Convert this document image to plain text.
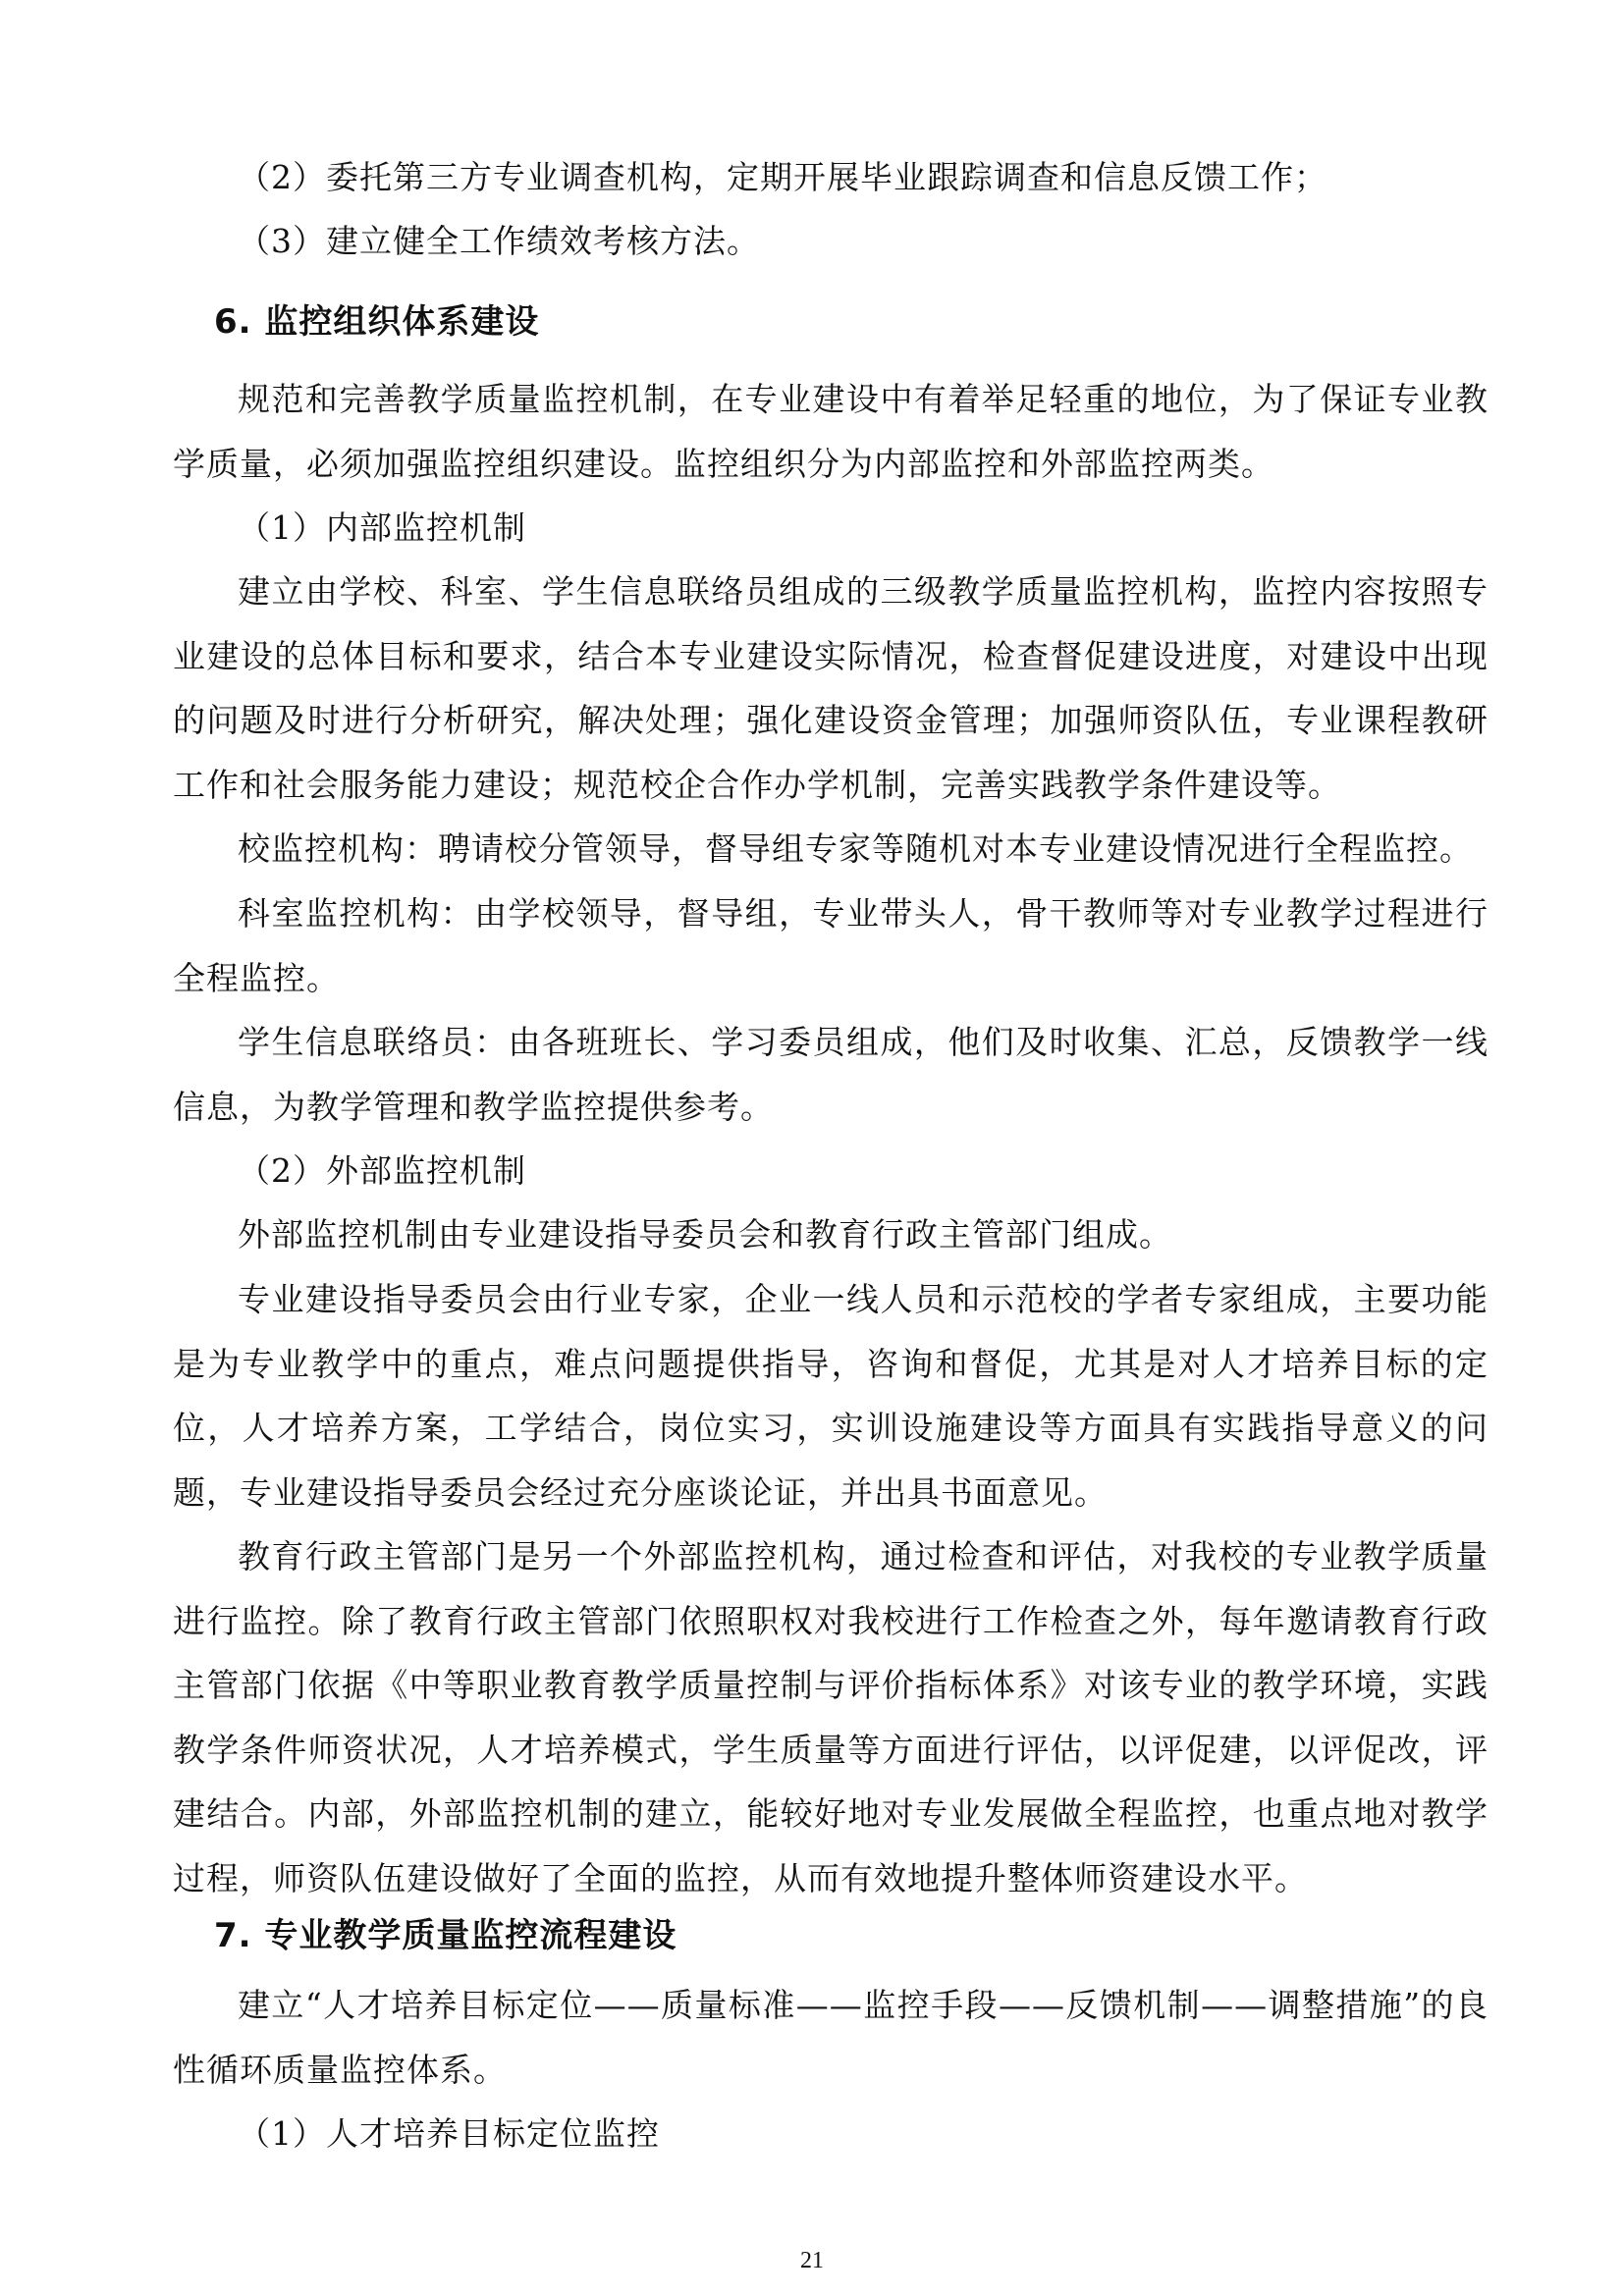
（2）委托第三方专业调查机构，定期开展毕业跟踪调查和信息反馈工作；

（3）建立健全工作绩效考核方法。

6. 监控组织体系建设

规范和完善教学质量监控机制，在专业建设中有着举足轻重的地位，为了保证专业教学质量，必须加强监控组织建设。监控组织分为内部监控和外部监控两类。

（1）内部监控机制

建立由学校、科室、学生信息联络员组成的三级教学质量监控机构，监控内容按照专业建设的总体目标和要求，结合本专业建设实际情况，检查督促建设进度，对建设中出现的问题及时进行分析研究，解决处理；强化建设资金管理；加强师资队伍，专业课程教研工作和社会服务能力建设；规范校企合作办学机制，完善实践教学条件建设等。

校监控机构：聘请校分管领导，督导组专家等随机对本专业建设情况进行全程监控。

科室监控机构：由学校领导，督导组，专业带头人，骨干教师等对专业教学过程进行全程监控。

学生信息联络员：由各班班长、学习委员组成，他们及时收集、汇总，反馈教学一线信息，为教学管理和教学监控提供参考。

（2）外部监控机制

外部监控机制由专业建设指导委员会和教育行政主管部门组成。

专业建设指导委员会由行业专家，企业一线人员和示范校的学者专家组成，主要功能是为专业教学中的重点，难点问题提供指导，咨询和督促，尤其是对人才培养目标的定位，人才培养方案，工学结合，岗位实习，实训设施建设等方面具有实践指导意义的问题，专业建设指导委员会经过充分座谈论证，并出具书面意见。

教育行政主管部门是另一个外部监控机构，通过检查和评估，对我校的专业教学质量进行监控。除了教育行政主管部门依照职权对我校进行工作检查之外，每年邀请教育行政主管部门依据《中等职业教育教学质量控制与评价指标体系》对该专业的教学环境，实践教学条件师资状况，人才培养模式，学生质量等方面进行评估，以评促建，以评促改，评建结合。内部，外部监控机制的建立，能较好地对专业发展做全程监控，也重点地对教学过程，师资队伍建设做好了全面的监控，从而有效地提升整体师资建设水平。

7. 专业教学质量监控流程建设

建立“人才培养目标定位——质量标准——监控手段——反馈机制——调整措施”的良性循环质量监控体系。

（1）人才培养目标定位监控

21
